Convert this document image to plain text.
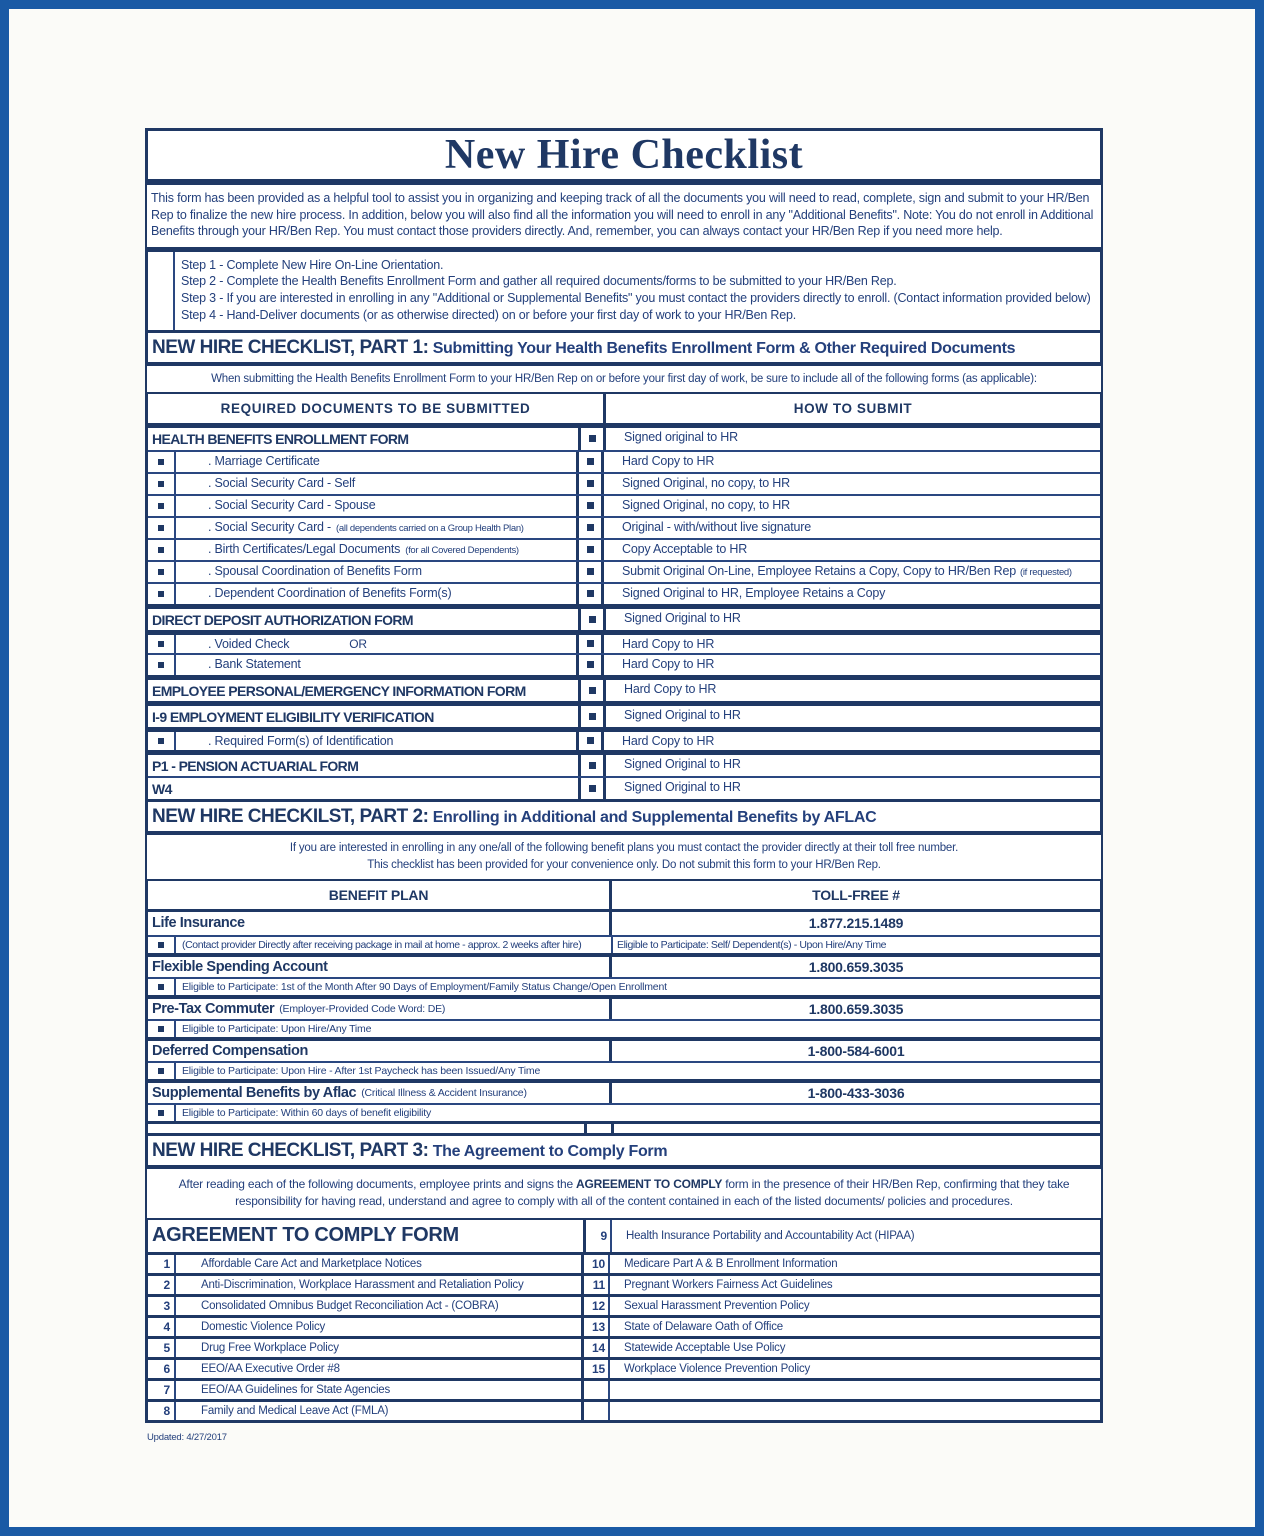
New Hire Checklist
This form has been provided as a helpful tool to assist you in organizing and keeping track of all the documents you will need to read, complete, sign and submit to your HR/Ben Rep to finalize the new hire process. In addition, below you will also find all the information you will need to enroll in any "Additional Benefits". Note: You do not enroll in Additional Benefits through your HR/Ben Rep. You must contact those providers directly. And, remember, you can always contact your HR/Ben Rep if you need more help.
Step 1 - Complete New Hire On-Line Orientation.
Step 2 - Complete the Health Benefits Enrollment Form and gather all required documents/forms to be submitted to your HR/Ben Rep.
Step 3 - If you are interested in enrolling in any "Additional or Supplemental Benefits" you must contact the providers directly to enroll. (Contact information provided below)
Step 4 - Hand-Deliver documents (or as otherwise directed) on or before your first day of work to your HR/Ben Rep.
NEW HIRE CHECKLIST, PART 1: Submitting Your Health Benefits Enrollment Form & Other Required Documents
When submitting the Health Benefits Enrollment Form to your HR/Ben Rep on or before your first day of work, be sure to include all of the following forms (as applicable):
REQUIRED DOCUMENTS TO BE SUBMITTED	HOW TO SUBMIT
HEALTH BENEFITS ENROLLMENT FORM	Signed original to HR
. Marriage Certificate	Hard Copy to HR
. Social Security Card - Self	Signed Original, no copy, to HR
. Social Security Card - Spouse	Signed Original, no copy, to HR
. Social Security Card - (all dependents carried on a Group Health Plan)	Original - with/without live signature
. Birth Certificates/Legal Documents (for all Covered Dependents)	Copy Acceptable to HR
. Spousal Coordination of Benefits Form	Submit Original On-Line, Employee Retains a Copy, Copy to HR/Ben Rep (if requested)
. Dependent Coordination of Benefits Form(s)	Signed Original to HR, Employee Retains a Copy
DIRECT DEPOSIT AUTHORIZATION FORM	Signed Original to HR
. Voided Check	OR	Hard Copy to HR
. Bank Statement	Hard Copy to HR
EMPLOYEE PERSONAL/EMERGENCY INFORMATION FORM	Hard Copy to HR
I-9 EMPLOYMENT ELIGIBILITY VERIFICATION	Signed Original to HR
. Required Form(s) of Identification	Hard Copy to HR
P1 - PENSION ACTUARIAL FORM	Signed Original to HR
W4	Signed Original to HR
NEW HIRE CHECKILST, PART 2: Enrolling in Additional and Supplemental Benefits by AFLAC
If you are interested in enrolling in any one/all of the following benefit plans you must contact the provider directly at their toll free number.
This checklist has been provided for your convenience only. Do not submit this form to your HR/Ben Rep.
BENEFIT PLAN	TOLL-FREE #
Life Insurance	1.877.215.1489
(Contact provider Directly after receiving package in mail at home - approx. 2 weeks after hire)	Eligible to Participate: Self/ Dependent(s) - Upon Hire/Any Time
Flexible Spending Account	1.800.659.3035
Eligible to Participate: 1st of the Month After 90 Days of Employment/Family Status Change/Open Enrollment
Pre-Tax Commuter (Employer-Provided Code Word: DE)	1.800.659.3035
Eligible to Participate: Upon Hire/Any Time
Deferred Compensation	1-800-584-6001
Eligible to Participate: Upon Hire - After 1st Paycheck has been Issued/Any Time
Supplemental Benefits by Aflac (Critical Illness & Accident Insurance)	1-800-433-3036
Eligible to Participate: Within 60 days of benefit eligibility
NEW HIRE CHECKLIST, PART 3: The Agreement to Comply Form
After reading each of the following documents, employee prints and signs the AGREEMENT TO COMPLY form in the presence of their HR/Ben Rep, confirming that they take responsibility for having read, understand and agree to comply with all of the content contained in each of the listed documents/ policies and procedures.
AGREEMENT TO COMPLY FORM	9	Health Insurance Portability and Accountability Act (HIPAA)
1	Affordable Care Act and Marketplace Notices	10	Medicare Part A & B Enrollment Information
2	Anti-Discrimination, Workplace Harassment and Retaliation Policy	11	Pregnant Workers Fairness Act Guidelines
3	Consolidated Omnibus Budget Reconciliation Act - (COBRA)	12	Sexual Harassment Prevention Policy
4	Domestic Violence Policy	13	State of Delaware Oath of Office
5	Drug Free Workplace Policy	14	Statewide Acceptable Use Policy
6	EEO/AA Executive Order #8	15	Workplace Violence Prevention Policy
7	EEO/AA Guidelines for State Agencies
8	Family and Medical Leave Act (FMLA)
Updated: 4/27/2017
